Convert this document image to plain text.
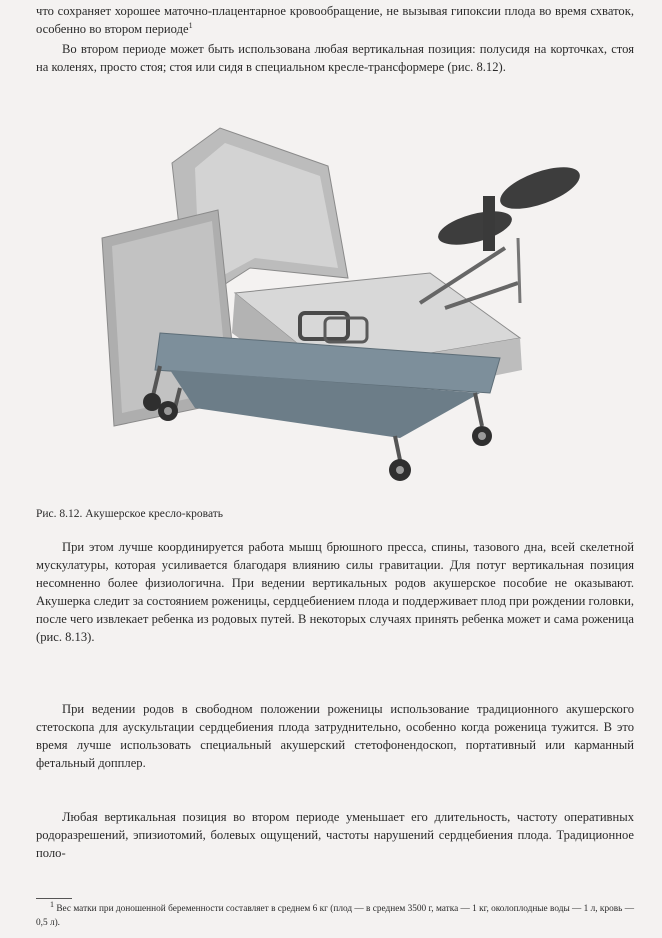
что сохраняет хорошее маточно-плацентарное кровообращение, не вызывая гипоксии плода во время схваток, особенно во втором периоде$^1$

Во втором периоде может быть использована любая вертикальная позиция: полусидя на корточках, стоя на коленях, просто стоя; стоя или сидя в специальном кресле-трансформере (рис. 8.12).

Рис. 8.12. Акушерское кресло-кровать

При этом лучше координируется работа мышц брюшного пресса, спины, тазового дна, всей скелетной мускулатуры, которая усиливается благодаря влиянию силы гравитации. Для потуг вертикальная позиция несомненно более физиологична. При ведении вертикальных родов акушерское пособие не оказывают. Акушерка следит за состоянием роженицы, сердцебиением плода и поддерживает плод при рождении головки, после чего извлекает ребенка из родовых путей. В некоторых случаях принять ребенка может и сама роженица (рис. 8.13).

При ведении родов в свободном положении роженицы использование традиционного акушерского стетоскопа для аускультации сердцебиения плода затруднительно, особенно когда роженица тужится. В это время лучше использовать специальный акушерский стетофонендоскоп, портативный или карманный фетальный допплер.

Любая вертикальная позиция во втором периоде уменьшает его длительность, частоту оперативных родоразрешений, эпизиотомий, болевых ощущений, частоты нарушений сердцебиения плода. Традиционное поло-

$^1$ Вес матки при доношенной беременности составляет в среднем 6 кг (плод — в среднем 3500 г, матка — 1 кг, околоплодные воды — 1 л, кровь — 0,5 л).
